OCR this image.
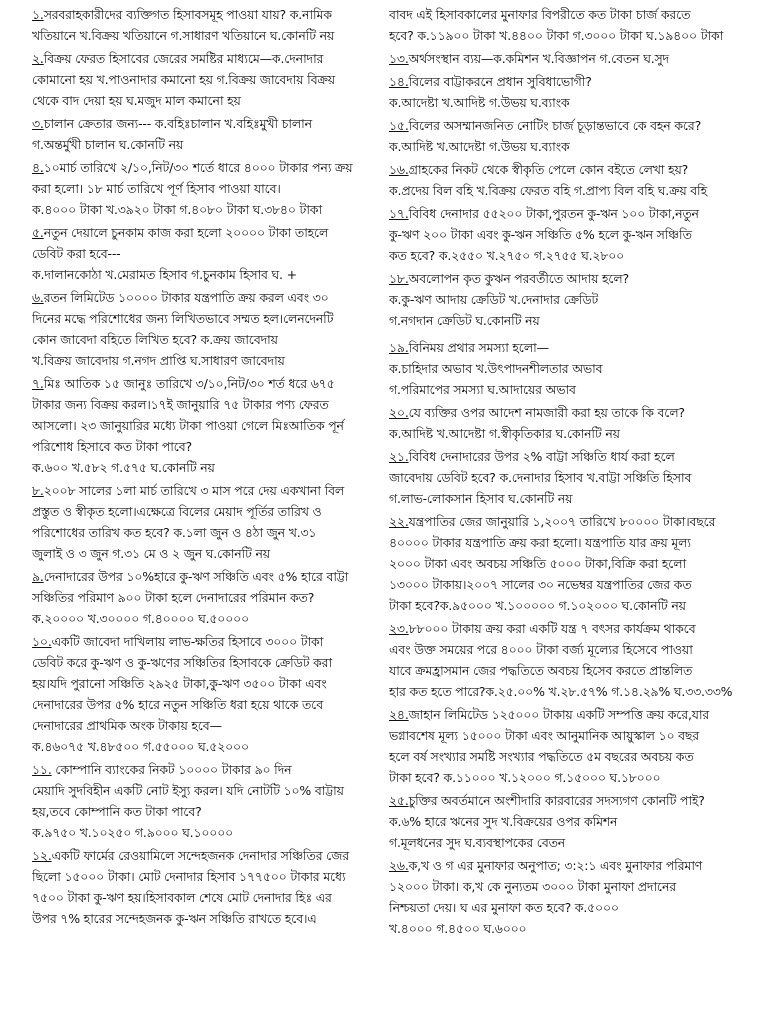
১.সরবরাহকারীদের ব্যক্তিগত হিসাবসমূহ পাওয়া যায়? ক.নামিক

খতিয়ানে খ.বিক্রয় খতিয়ানে গ.সাধারণ খতিয়ানে ঘ.কোনটি নয়

২.বিক্রয় ফেরত হিসাবের জেরের সমষ্টির মাধ্যমে—ক.দেনাদার

কোমানো হয় খ.পাওনাদার কমানো হয় গ.বিক্রয় জাবেদায় বিক্রয়

থেকে বাদ দেয়া হয় ঘ.মজুদ মাল কমানো হয়

৩.চালান ক্রেতার জন্য--- ক.বহিঃচালান খ.বহিঃমুখী চালান

গ.অন্তর্মুখী চালান ঘ.কোনটি নয়

৪.১০মার্চ তারিখে ২/১০,নিট/৩০ শর্তে ধারে ৪০০০ টাকার পন্য ক্রয়

করা হলো। ১৮ মার্চ তারিখে পূর্ণ হিসাব পাওয়া যাবে।

ক.৪০০০ টাকা খ.৩৯২০ টাকা গ.৪০৮০ টাকা ঘ.৩৮৪০ টাকা

৫.নতুন দেয়ালে চুনকাম কাজ করা হলো ২০০০০ টাকা তাহলে

ডেবিট করা হবে---

ক.দালানকোঠা খ.মেরামত হিসাব গ.চুনকাম হিসাব ঘ. +

৬.রতন লিমিটেড ১০০০০ টাকার যন্ত্রপাতি ক্রয় করল এবং ৩০

দিনের মদ্ধে পরিশোধের জন্য লিখিতভাবে সম্মত হল।লেনদেনটি

কোন জাবেদা বহিতে লিখিত হবে? ক.ক্রয় জাবেদায়

খ.বিক্রয় জাবেদায় গ.নগদ প্রাপ্তি ঘ.সাধারণ জাবেদায়

৭.মিঃ আতিক ১৫ জানুঃ তারিখে ৩/১০,নিট/৩০ শর্ত ধরে ৬৭৫

টাকার জন্য বিক্রয় করল।১৭ই জানুয়ারি ৭৫ টাকার পণ্য ফেরত

আসলো। ২৩ জানুয়ারির মধ্যে টাকা পাওয়া গেলে মিঃআতিক পূর্ন

পরিশোধ হিসাবে কত টাকা পাবে?

ক.৬০০ খ.৫৮২ গ.৫৭৫ ঘ.কোনটি নয়

৮.২০০৮ সালের ১লা মার্চ তারিখে ৩ মাস পরে দেয় একখানা বিল

প্রস্তুত ও স্বীকৃত হলো।এক্ষেত্রে বিলের মেয়াদ পূর্তির তারিখ ও

পরিশোধের তারিখ কত হবে? ক.১লা জুন ও ৪ঠা জুন খ.৩১

জুলাই ও ৩ জুন গ.৩১ মে ও ২ জুন ঘ.কোনটি নয়

৯.দেনাদারের উপর ১০%হারে কু-ঋণ সঞ্চিতি এবং ৫% হারে বাট্টা

সঞ্চিতির পরিমাণ ৯০০ টাকা হলে দেনাদারের পরিমান কত?

ক.২০০০০ খ.৩০০০০ গ.৪০০০০ ঘ.৫০০০০

১০.একটি জাবেদা দাখিলায় লাভ-ক্ষতির হিসাবে ৩০০০ টাকা

ডেবিট করে কু-ঋণ ও কু-ঋণের সঞ্চিতির হিসাবকে ক্রেডিট করা

হয়।যদি পুরানো সঞ্চিতি ২৯২৫ টাকা,কু-ঋণ ৩৫০০ টাকা এবং

দেনাদারের উপর ৫% হারে নতুন সঞ্চিতি ধরা হয়ে থাকে তবে

দেনাদারের প্রাথমিক অংক টাকায় হবে—

ক.৪৬০৭৫ খ.৪৮৫০০ গ.৫৫০০০ ঘ.৫২০০০

১১. কোম্পানি ব্যাংকের নিকট ১০০০০ টাকার ৯০ দিন

মেয়াদি সুদবিহীন একটি নোট ইস্যু করল। যদি নোটটি ১০% বাট্টায়

হয়,তবে কোম্পানি কত টাকা পাবে?

ক.৯৭৫০ খ.১০২৫০ গ.৯০০০ ঘ.১০০০০

১২.একটি ফার্মের রেওয়ামিলে সন্দেহজনক দেনাদার সঞ্চিতির জের

ছিলো ১৫০০০ টাকা। মোট দেনাদার হিসাব ১৭৭৫০০ টাকার মধ্যে

৭৫০০ টাকা কু-ঋণ হয়।হিসাবকাল শেষে মোট দেনাদার হিঃ এর

উপর ৭% হারের সন্দেহজনক কু-ঋন সঞ্চিতি রাখতে হবে।এ

বাবদ এই হিসাবকালের মুনাফার বিপরীতে কত টাকা চার্জ করতে

হবে? ক.১১৯০০ টাকা খ.৪৪০০ টাকা গ.৩০০০ টাকা ঘ.১৯৪০০ টাকা

১৩.অর্থসংস্থান ব্যয়—ক.কমিশন খ.বিজ্ঞাপন গ.বেতন ঘ.সুদ

১৪.বিলের বাট্টাকরনে প্রধান সুবিধাভোগী?

ক.আদেষ্টা খ.আদিষ্ট গ.উভয় ঘ.ব্যাংক

১৫.বিলের অসম্মানজনিত নোটিং চার্জ চূড়ান্তভাবে কে বহন করে?

ক.আদিষ্ট খ.আদেষ্টা গ.উভয় ঘ.ব্যাংক

১৬.গ্রাহকের নিকট থেকে স্বীকৃতি পেলে কোন বইতে লেখা হয়?

ক.প্রদেয় বিল বহি খ.বিক্রয় ফেরত বহি গ.প্রাপ্য বিল বহি ঘ.ক্রয় বহি

১৭.বিবিধ দেনাদার ৫৫২০০ টাকা,পুরতন কু-ঋন ১০০ টাকা,নতুন

কু-ঋণ ২০০ টাকা এবং কু-ঋন সঞ্চিতি ৫% হলে কু-ঋন সঞ্চিতি

কত হবে? ক.২৫৫০ খ.২৭৫০ গ.২৭৫৫ ঘ.২৮০০

১৮.অবলোপন কৃত কুঋন পরবর্তীতে আদায় হলে?

ক.কু-ঋণ আদায় ক্রেডিট খ.দেনাদার ক্রেডিট

গ.নগদান ক্রেডিট ঘ.কোনটি নয়

১৯.বিনিময় প্রথার সমস্যা হলো—

ক.চাহিদার অভাব খ.উৎপাদনশীলতার অভাব

গ.পরিমাপের সমস্যা ঘ.আদায়ের অভাব

২০.যে ব্যক্তির ওপর আদেশ নামজারী করা হয় তাকে কি বলে?

ক.আদিষ্ট খ.আদেষ্টা গ.স্বীকৃতিকার ঘ.কোনটি নয়

২১.বিবিধ দেনাদারের উপর ২% বাট্টা সঞ্চিতি ধার্য করা হলে

জাবেদায় ডেবিট হবে? ক.দেনাদার হিসাব খ.বাট্টা সঞ্চিতি হিসাব

গ.লাভ-লোকসান হিসাব ঘ.কোনটি নয়

২২.যন্ত্রপাতির জের জানুয়ারি ১,২০০৭ তারিখে ৮০০০০ টাকা।বছরে

৪০০০০ টাকার যন্ত্রপাতি ক্রয় করা হলো। যন্ত্রপাতি যার ক্রয় মূল্য

২০০০ টাকা এবং অবচয় সঞ্চিতি ৫০০০ টাকা,বিক্রি করা হলো

১৩০০০ টাকায়।২০০৭ সালের ৩০ নভেম্বর যন্ত্রপাতির জের কত

টাকা হবে?ক.৯৫০০০ খ.১০০০০০ গ.১০২০০০ ঘ.কোনটি নয়

২৩.৮৮০০০ টাকায় ক্রয় করা একটি যন্ত্র ৭ বৎসর কার্যক্রম থাকবে

এবং উক্ত সময়ের পরে ৪০০০ টাকা বর্জ্য মূল্যের হিসেবে পাওয়া

যাবে ক্রমহ্রাসমান জের পদ্ধতিতে অবচয় হিসেব করতে প্রান্তলিত

হার কত হতে পারে?ক.২৫.০০% খ.২৮.৫৭% গ.১৪.২৯% ঘ.৩৩.৩৩%

২৪.জাহান লিমিটেড ১২৫০০০ টাকায় একটি সম্পত্তি ক্রয় করে,যার

ভগ্নাবশেষ মূল্য ১৫০০০ টাকা এবং আনুমানিক আয়ুস্কাল ১০ বছর

হলে বর্ষ সংখ্যার সমষ্টি সংখ্যার পদ্ধতিতে ৫ম বছরের অবচয় কত

টাকা হবে? ক.১১০০০ খ.১২০০০ গ.১৫০০০ ঘ.১৮০০০

২৫.চুক্তির অবর্তমানে অংশীদারি কারবারের সদস্যগণ কোনটি পাই?

ক.৬% হারে ঋনের সুদ খ.বিক্রয়ের ওপর কমিশন

গ.মূলধনের সুদ ঘ.ব্যবস্থাপকের বেতন

২৬.ক,খ ও গ এর মুনাফার অনুপাত; ৩:২:১ এবং মুনাফার পরিমাণ

১২০০০ টাকা। ক,খ কে নুন্যতম ৩০০০ টাকা মুনাফা প্রদানের

নিশ্চয়তা দেয়। ঘ এর মুনাফা কত হবে? ক.৫০০০

খ.৪০০০ গ.৪৫০০ ঘ.৬০০০
